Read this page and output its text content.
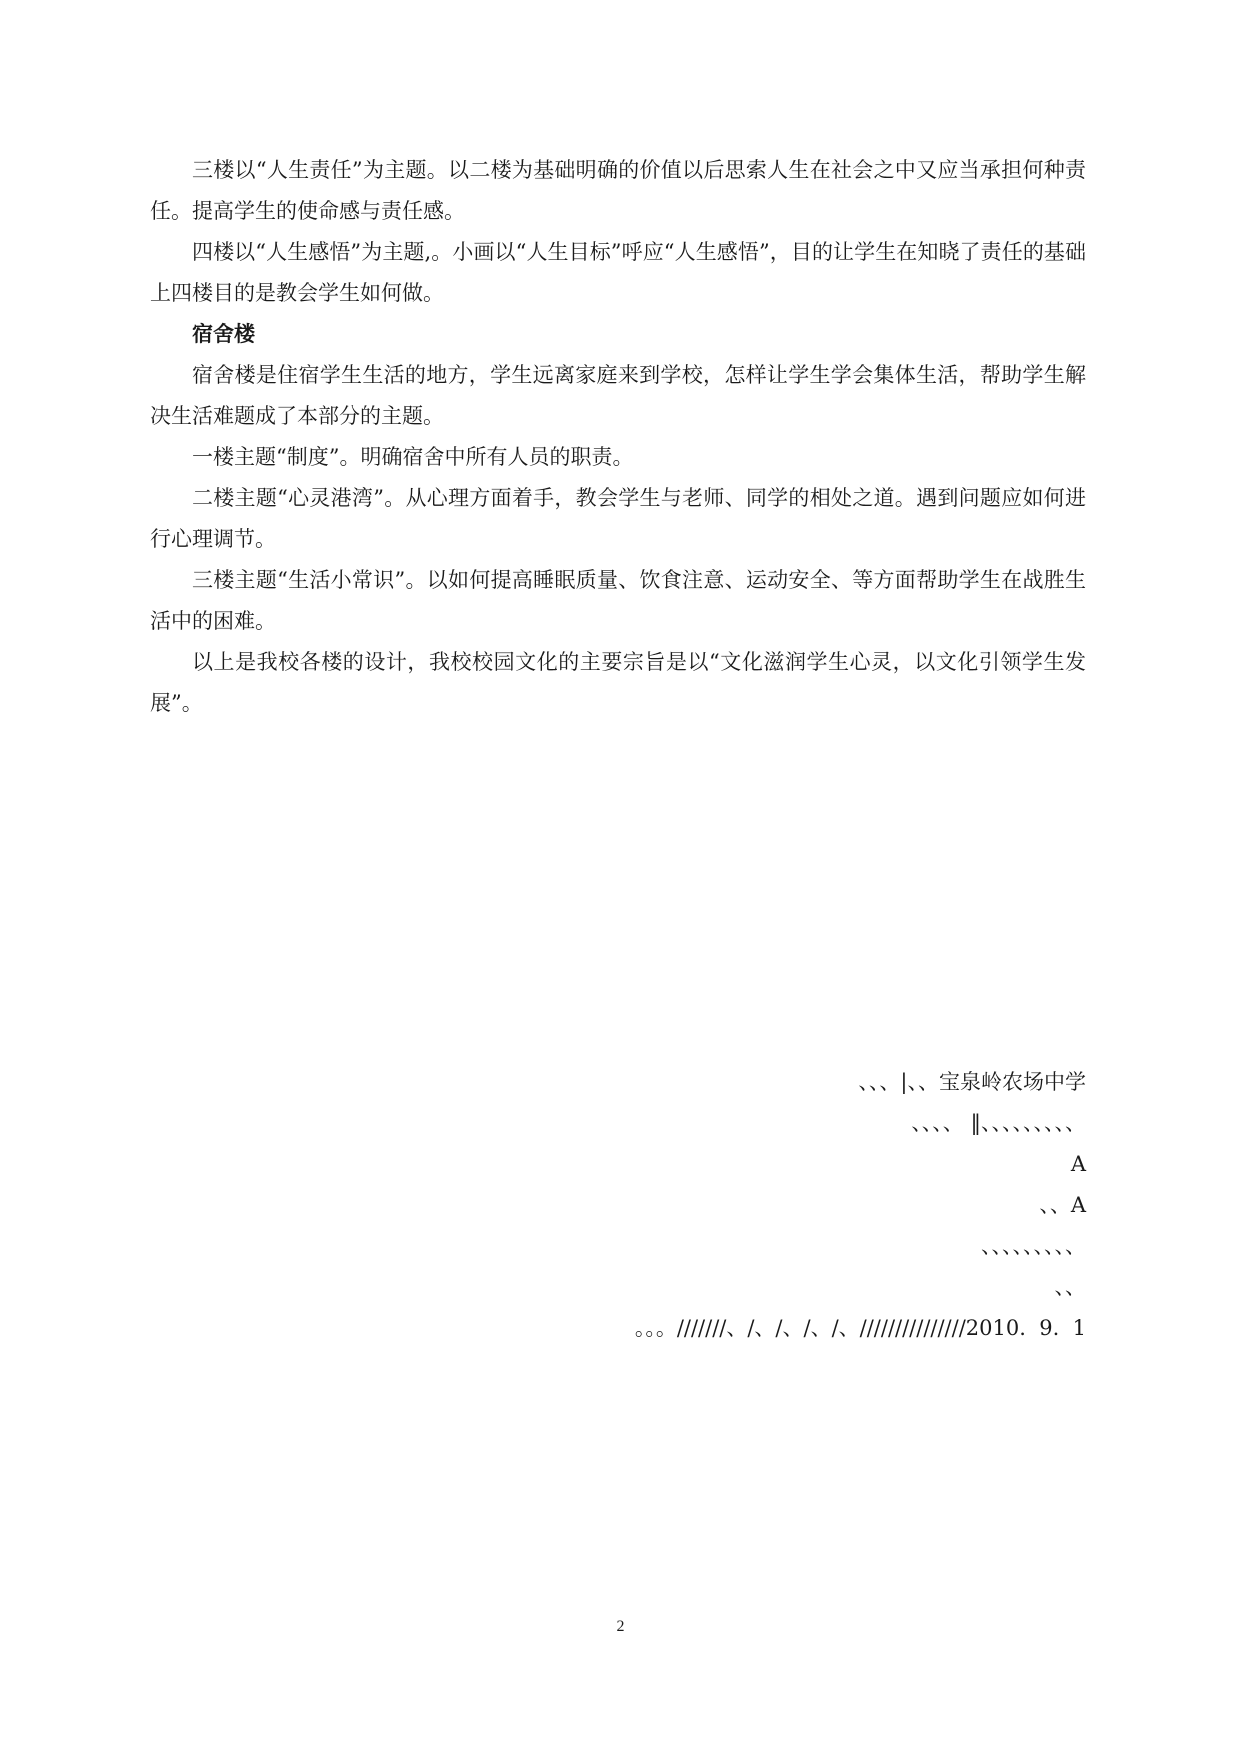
三楼以“人生责任”为主题。以二楼为基础明确的价值以后思索人生在社会之中又应当承担何种责任。提高学生的使命感与责任感。

四楼以“人生感悟”为主题,。小画以“人生目标”呼应“人生感悟”，目的让学生在知晓了责任的基础上四楼目的是教会学生如何做。

宿舍楼

宿舍楼是住宿学生生活的地方，学生远离家庭来到学校，怎样让学生学会集体生活，帮助学生解决生活难题成了本部分的主题。

一楼主题“制度”。明确宿舍中所有人员的职责。

二楼主题“心灵港湾”。从心理方面着手，教会学生与老师、同学的相处之道。遇到问题应如何进行心理调节。

三楼主题“生活小常识”。以如何提高睡眠质量、饮食注意、运动安全、等方面帮助学生在战胜生活中的困难。

以上是我校各楼的设计，我校校园文化的主要宗旨是以“文化滋润学生心灵，以文化引领学生发展”。

、、、|、、宝泉岭农场中学

、、、、 ‖、、、、、、、、、

A

、、A

、、、、、、、、、

、、

。。。///////、/、/、/、/、///////////////2010.  9.  1

2
